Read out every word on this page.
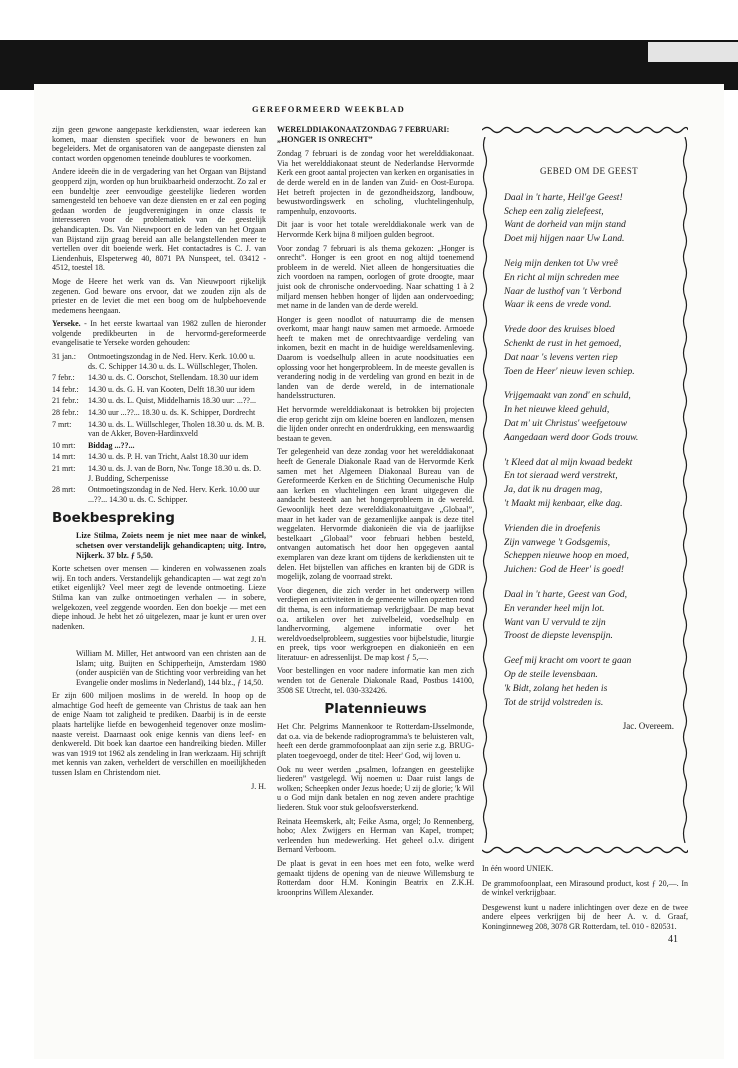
GEREFORMEERD WEEKBLAD

zijn geen gewone aangepaste kerkdiensten, waar iedereen kan komen, maar diensten specifiek voor de bewoners en hun begeleiders. Met de organisatoren van de aangepaste diensten zal contact worden opgenomen teneinde doublures te voorkomen.

Andere ideeën die in de vergadering van het Orgaan van Bijstand geopperd zijn, worden op hun bruikbaarheid onderzocht. Zo zal er een bundeltje zeer eenvoudige geestelijke liederen worden samengesteld ten behoeve van deze diensten en er zal een poging gedaan worden de jeugdverenigingen in onze classis te interesseren voor de problematiek van de geestelijk gehandicapten. Ds. Van Nieuwpoort en de leden van het Orgaan van Bijstand zijn graag bereid aan alle belangstellenden meer te vertellen over dit boeiende werk. Het contactadres is C. J. van Liendenhuis, Elspeterweg 40, 8071 PA Nunspeet, tel. 03412 - 4512, toestel 18.

Moge de Heere het werk van ds. Van Nieuwpoort rijkelijk zegenen. God beware ons ervoor, dat we zouden zijn als de priester en de leviet die met een boog om de hulpbehoevende medemens heengaan.

Yerseke. - In het eerste kwartaal van 1982 zullen de hieronder volgende predikbeurten in de hervormd-gereformeerde evangelisatie te Yerseke worden gehouden:

31 jan.:	Ontmoetingszondag in de Ned. Herv. Kerk. 10.00 u. ds. C. Schipper 14.30 u. ds. L. Wüllschleger, Tholen.
7 febr.:	14.30 u. ds. C. Oorschot, Stellendam. 18.30 uur idem
14 febr.:	14.30 u. ds. G. H. van Kooten, Delft 18.30 uur idem
21 febr.:	14.30 u. ds. L. Quist, Middelharnis 18.30 uur: ...??...
28 febr.:	14.30 uur ...??... 18.30 u. ds. K. Schipper, Dordrecht
7 mrt:	14.30 u. ds. L. Wüllschleger, Tholen 18.30 u. ds. M. B. van de Akker, Boven-Hardinxveld
10 mrt:	Biddag ...??...
14 mrt:	14.30 u. ds. P. H. van Tricht, Aalst 18.30 uur idem
21 mrt:	14.30 u. ds. J. van de Born, Nw. Tonge 18.30 u. ds. D. J. Budding, Scherpenisse
28 mrt:	Ontmoetingszondag in de Ned. Herv. Kerk. 10.00 uur ...??... 14.30 u. ds. C. Schipper.
Boekbespreking

Lize Stilma, Zoiets neem je niet mee naar de winkel, schetsen over verstandelijk gehandicapten; uitg. Intro, Nijkerk. 37 blz. ƒ 5,50.

Korte schetsen over mensen — kinderen en volwassenen zoals wij. En toch anders. Verstandelijk gehandicapten — wat zegt zo'n etiket eigenlijk? Veel meer zegt de levende ontmoeting. Lieze Stilma kan van zulke ontmoetingen verhalen — in sobere, welgekozen, veel zeggende woorden. Een don boekje — met een diepe inhoud. Je hebt het zó uitgelezen, maar je kunt er uren over nadenken.

J. H.

William M. Miller, Het antwoord van een christen aan de Islam; uitg. Buijten en Schipperheijn, Amsterdam 1980 (onder auspiciën van de Stichting voor verbreiding van het Evangelie onder moslims in Nederland), 144 blz., ƒ 14,50.

Er zijn 600 miljoen moslims in de wereld. In hoop op de almachtige God heeft de gemeente van Christus de taak aan hen de enige Naam tot zaligheid te prediken. Daarbij is in de eerste plaats hartelijke liefde en bewogenheid tegenover onze moslim-naaste vereist. Daarnaast ook enige kennis van diens leef- en denkwereld. Dit boek kan daartoe een handreiking bieden. Miller was van 1919 tot 1962 als zendeling in Iran werkzaam. Hij schrijft met kennis van zaken, verheldert de verschillen en moeilijkheden tussen Islam en Christendom niet.

J. H.

WERELDDIAKONAATZONDAG 7 FEBRUARI:
„HONGER IS ONRECHT”

Zondag 7 februari is de zondag voor het werelddiakonaat. Via het werelddiakonaat steunt de Nederlandse Hervormde Kerk een groot aantal projecten van kerken en organisaties in de derde wereld en in de landen van Zuid- en Oost-Europa. Het betreft projecten in de gezondheidszorg, landbouw, bewustwordingswerk en scholing, vluchtelingenhulp, rampenhulp, enzovoorts.

Dit jaar is voor het totale werelddiakonale werk van de Hervormde Kerk bijna 8 miljoen gulden begroot.

Voor zondag 7 februari is als thema gekozen: „Honger is onrecht”. Honger is een groot en nog altijd toenemend probleem in de wereld. Niet alleen de hongersituaties die zich voordoen na rampen, oorlogen of grote droogte, maar juist ook de chronische ondervoeding. Naar schatting 1 à 2 miljard mensen hebben honger of lijden aan ondervoeding; met name in de landen van de derde wereld.

Honger is geen noodlot of natuurramp die de mensen overkomt, maar hangt nauw samen met armoede. Armoede heeft te maken met de onrechtvaardige verdeling van inkomen, bezit en macht in de huidige wereldsamenleving. Daarom is voedselhulp alleen in acute noodsituaties een oplossing voor het hongerprobleem. In de meeste gevallen is verandering nodig in de verdeling van grond en bezit in de landen van de derde wereld, in de internationale handelsstructuren.

Het hervormde werelddiakonaat is betrokken bij projecten die erop gericht zijn om kleine boeren en landlozen, mensen die lijden onder onrecht en onderdrukking, een menswaardig bestaan te geven.

Ter gelegenheid van deze zondag voor het werelddiakonaat heeft de Generale Diakonale Raad van de Hervormde Kerk samen met het Algemeen Diakonaal Bureau van de Gereformeerde Kerken en de Stichting Oecumenische Hulp aan kerken en vluchtelingen een krant uitgegeven die aandacht besteedt aan het hongerprobleem in de wereld. Gewoonlijk heet deze werelddiakonaatuitgave „Globaal”, maar in het kader van de gezamenlijke aanpak is deze titel weggelaten. Hervormde diakonieën die via de jaarlijkse bestelkaart „Globaal” voor februari hebben besteld, ontvangen automatisch het door hen opgegeven aantal exemplaren van deze krant om tijdens de kerkdiensten uit te delen. Het bijstellen van affiches en kranten bij de GDR is mogelijk, zolang de voorraad strekt.

Voor diegenen, die zich verder in het onderwerp willen verdiepen en activiteiten in de gemeente willen opzetten rond dit thema, is een informatiemap verkrijgbaar. De map bevat o.a. artikelen over het zuivelbeleid, voedselhulp en landhervorming, algemene informatie over het wereldvoedselprobleem, suggesties voor bijbelstudie, liturgie en preek, tips voor werkgroepen en diakonieën en een literatuur- en adressenlijst. De map kost ƒ 5,—.

Voor bestellingen en voor nadere informatie kan men zich wenden tot de Generale Diakonale Raad, Postbus 14100, 3508 SE Utrecht, tel. 030-332426.

Platennieuws

Het Chr. Pelgrims Mannenkoor te Rotterdam-IJsselmonde, dat o.a. via de bekende radioprogramma's te beluisteren valt, heeft een derde grammofoonplaat aan zijn serie z.g. BRUG-platen toegevoegd, onder de titel: Heer' God, wij loven u.

Ook nu weer werden „psalmen, lofzangen en geestelijke liederen” vastgelegd. Wij noemen u: Daar ruist langs de wolken; Scheepken onder Jezus hoede; U zij de glorie; 'k Wil u o God mijn dank betalen en nog zeven andere prachtige liederen. Stuk voor stuk geloofsversterkend.

Reinata Heemskerk, alt; Feike Asma, orgel; Jo Rennenberg, hobo; Alex Zwijgers en Herman van Kapel, trompet; verleenden hun medewerking. Het geheel o.l.v. dirigent Bernard Verboom.

De plaat is gevat in een hoes met een foto, welke werd gemaakt tijdens de opening van de nieuwe Willemsburg te Rotterdam door H.M. Koningin Beatrix en Z.K.H. kroonprins Willem Alexander.

GEBED OM DE GEEST
Daal in 't harte, Heil'ge Geest!
Schep een zalig zielefeest,
Want de dorheid van mijn stand
Doet mij hijgen naar Uw Land.
Neig mijn denken tot Uw vreê
En richt al mijn schreden mee
Naar de lusthof van 't Verbond
Waar ik eens de vrede vond.
Vrede door des kruises bloed
Schenkt de rust in het gemoed,
Dat naar 's levens verten riep
Toen de Heer' nieuw leven schiep.
Vrijgemaakt van zond' en schuld,
In het nieuwe kleed gehuld,
Dat m' uit Christus' weefgetouw
Aangedaan werd door Gods trouw.
't Kleed dat al mijn kwaad bedekt
En tot sieraad werd verstrekt,
Ja, dat ik nu dragen mag,
't Maakt mij kenbaar, elke dag.
Vrienden die in droefenis
Zijn vanwege 't Godsgemis,
Scheppen nieuwe hoop en moed,
Juichen: God de Heer' is goed!
Daal in 't harte, Geest van God,
En verander heel mijn lot.
Want van U vervuld te zijn
Troost de diepste levenspijn.
Geef mij kracht om voort te gaan
Op de steile levensbaan.
'k Bidt, zolang het heden is
Tot de strijd volstreden is.
Jac. Overeem.

In één woord UNIEK.

De grammofoonplaat, een Mirasound product, kost ƒ 20,—. In de winkel verkrijgbaar.

Desgewenst kunt u nadere inlichtingen over deze en de twee andere elpees verkrijgen bij de heer A. v. d. Graaf, Koninginneweg 208, 3078 GR Rotterdam, tel. 010 - 820531.

41
